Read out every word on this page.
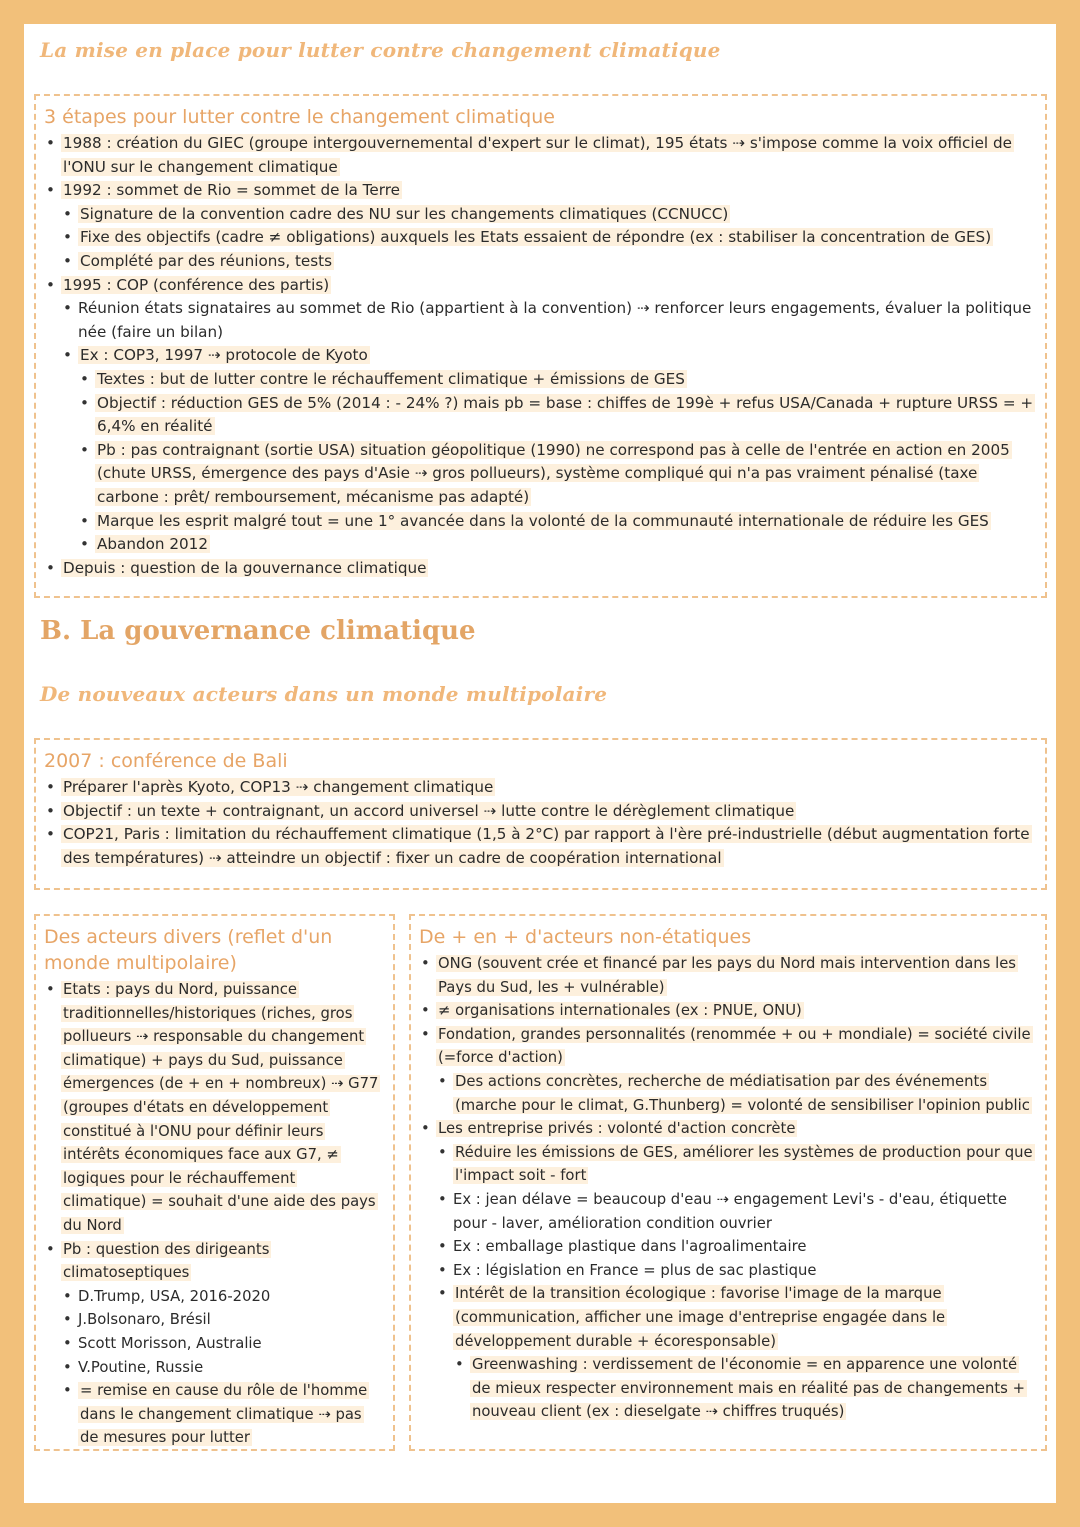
La mise en place pour lutter contre changement climatique
3 étapes pour lutter contre le changement climatique
• 1988 : création du GIEC (groupe intergouvernemental d'expert sur le climat), 195 états ⇢ s'impose comme la voix officiel de l'ONU sur le changement climatique
• 1992 : sommet de Rio = sommet de la Terre
• Signature de la convention cadre des NU sur les changements climatiques (CCNUCC)
• Fixe des objectifs (cadre ≠ obligations) auxquels les Etats essaient de répondre (ex : stabiliser la concentration de GES)
• Complété par des réunions, tests
• 1995 : COP (conférence des partis)
• Réunion états signataires au sommet de Rio (appartient à la convention) ⇢ renforcer leurs engagements, évaluer la politique née (faire un bilan)
• Ex : COP3, 1997 ⇢ protocole de Kyoto
• Textes : but de lutter contre le réchauffement climatique + émissions de GES
• Objectif : réduction GES de 5% (2014 : - 24% ?) mais pb = base : chiffes de 199è + refus USA/Canada + rupture URSS = + 6,4% en réalité
• Pb : pas contraignant (sortie USA) situation géopolitique (1990) ne correspond pas à celle de l'entrée en action en 2005 (chute URSS, émergence des pays d'Asie ⇢ gros pollueurs), système compliqué qui n'a pas vraiment pénalisé (taxe carbone : prêt/ remboursement, mécanisme pas adapté)
• Marque les esprit malgré tout = une 1° avancée dans la volonté de la communauté internationale de réduire les GES
• Abandon 2012
• Depuis : question de la gouvernance climatique
B. La gouvernance climatique
De nouveaux acteurs dans un monde multipolaire
2007 : conférence de Bali
• Préparer l'après Kyoto, COP13 ⇢ changement climatique
• Objectif : un texte + contraignant, un accord universel ⇢ lutte contre le dérèglement climatique
• COP21, Paris : limitation du réchauffement climatique (1,5 à 2°C) par rapport à l'ère pré-industrielle (début augmentation forte des températures) ⇢ atteindre un objectif : fixer un cadre de coopération international
Des acteurs divers (reflet d'un monde multipolaire)
• Etats : pays du Nord, puissance traditionnelles/historiques (riches, gros pollueurs ⇢ responsable du changement climatique) + pays du Sud, puissance émergences (de + en + nombreux) ⇢ G77 (groupes d'états en développement constitué à l'ONU pour définir leurs intérêts économiques face aux G7, ≠ logiques pour le réchauffement climatique) = souhait d'une aide des pays du Nord
• Pb : question des dirigeants climatoseptiques
• D.Trump, USA, 2016-2020
• J.Bolsonaro, Brésil
• Scott Morisson, Australie
• V.Poutine, Russie
• = remise en cause du rôle de l'homme dans le changement climatique ⇢ pas de mesures pour lutter
De + en + d'acteurs non-étatiques
• ONG (souvent crée et financé par les pays du Nord mais intervention dans les Pays du Sud, les + vulnérable)
• ≠ organisations internationales (ex : PNUE, ONU)
• Fondation, grandes personnalités (renommée + ou + mondiale) = société civile (=force d'action)
• Des actions concrètes, recherche de médiatisation par des événements (marche pour le climat, G.Thunberg) = volonté de sensibiliser l'opinion public
• Les entreprise privés : volonté d'action concrète
• Réduire les émissions de GES, améliorer les systèmes de production pour que l'impact soit - fort
• Ex : jean délave = beaucoup d'eau ⇢ engagement Levi's - d'eau, étiquette pour - laver, amélioration condition ouvrier
• Ex : emballage plastique dans l'agroalimentaire
• Ex : législation en France = plus de sac plastique
• Intérêt de la transition écologique : favorise l'image de la marque (communication, afficher une image d'entreprise engagée dans le développement durable + écoresponsable)
• Greenwashing : verdissement de l'économie = en apparence une volonté de mieux respecter environnement mais en réalité pas de changements + nouveau client (ex : dieselgate ⇢ chiffres truqués)
